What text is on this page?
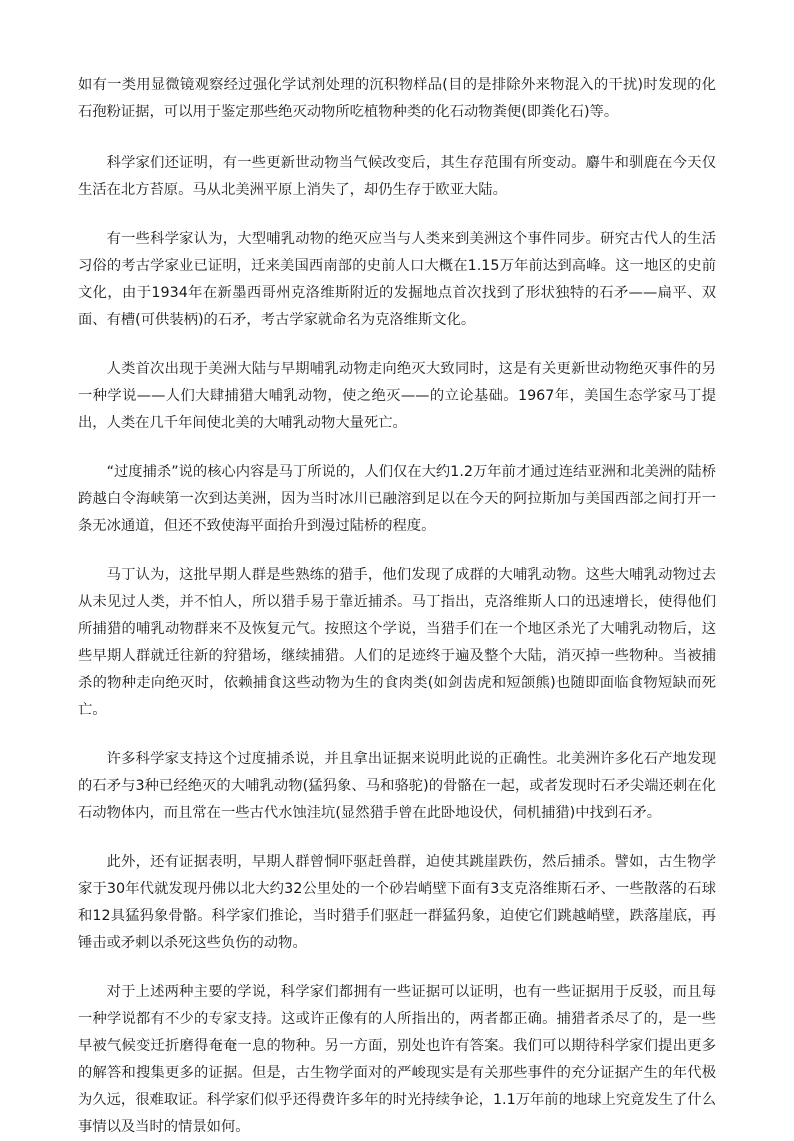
如有一类用显微镜观察经过强化学试剂处理的沉积物样品(目的是排除外来物混入的干扰)时发现的化石孢粉证据，可以用于鉴定那些绝灭动物所吃植物种类的化石动物粪便(即粪化石)等。

科学家们还证明，有一些更新世动物当气候改变后，其生存范围有所变动。麝牛和驯鹿在今天仅生活在北方苔原。马从北美洲平原上消失了，却仍生存于欧亚大陆。

有一些科学家认为，大型哺乳动物的绝灭应当与人类来到美洲这个事件同步。研究古代人的生活习俗的考古学家业已证明，迁来美国西南部的史前人口大概在1.15万年前达到高峰。这一地区的史前文化，由于1934年在新墨西哥州克洛维斯附近的发掘地点首次找到了形状独特的石矛——扁平、双面、有槽(可供装柄)的石矛，考古学家就命名为克洛维斯文化。

人类首次出现于美洲大陆与早期哺乳动物走向绝灭大致同时，这是有关更新世动物绝灭事件的另一种学说——人们大肆捕猎大哺乳动物，使之绝灭——的立论基础。1967年，美国生态学家马丁提出，人类在几千年间使北美的大哺乳动物大量死亡。

“过度捕杀”说的核心内容是马丁所说的，人们仅在大约1.2万年前才通过连结亚洲和北美洲的陆桥跨越白令海峡第一次到达美洲，因为当时冰川已融溶到足以在今天的阿拉斯加与美国西部之间打开一条无冰通道，但还不致使海平面抬升到漫过陆桥的程度。

马丁认为，这批早期人群是些熟练的猎手，他们发现了成群的大哺乳动物。这些大哺乳动物过去从未见过人类，并不怕人，所以猎手易于靠近捕杀。马丁指出，克洛维斯人口的迅速增长，使得他们所捕猎的哺乳动物群来不及恢复元气。按照这个学说，当猎手们在一个地区杀光了大哺乳动物后，这些早期人群就迁往新的狩猎场，继续捕猎。人们的足迹终于遍及整个大陆，消灭掉一些物种。当被捕杀的物种走向绝灭时，依赖捕食这些动物为生的食肉类(如剑齿虎和短颌熊)也随即面临食物短缺而死亡。

许多科学家支持这个过度捕杀说，并且拿出证据来说明此说的正确性。北美洲许多化石产地发现的石矛与3种已经绝灭的大哺乳动物(猛犸象、马和骆驼)的骨骼在一起，或者发现时石矛尖端还刺在化石动物体内，而且常在一些古代水蚀洼坑(显然猎手曾在此卧地设伏，伺机捕猎)中找到石矛。

此外，还有证据表明，早期人群曾恫吓驱赶兽群，迫使其跳崖跌伤，然后捕杀。譬如，古生物学家于30年代就发现丹佛以北大约32公里处的一个砂岩峭壁下面有3支克洛维斯石矛、一些散落的石球和12具猛犸象骨骼。科学家们推论，当时猎手们驱赶一群猛犸象，迫使它们跳越峭壁，跌落崖底，再锤击或矛刺以杀死这些负伤的动物。

对于上述两种主要的学说，科学家们都拥有一些证据可以证明，也有一些证据用于反驳，而且每一种学说都有不少的专家支持。这或许正像有的人所指出的，两者都正确。捕猎者杀尽了的，是一些早被气候变迁折磨得奄奄一息的物种。另一方面，别处也许有答案。我们可以期待科学家们提出更多的解答和搜集更多的证据。但是，古生物学面对的严峻现实是有关那些事件的充分证据产生的年代极为久远，很难取证。科学家们似乎还得费许多年的时光持续争论，1.1万年前的地球上究竟发生了什么事情以及当时的情景如何。
